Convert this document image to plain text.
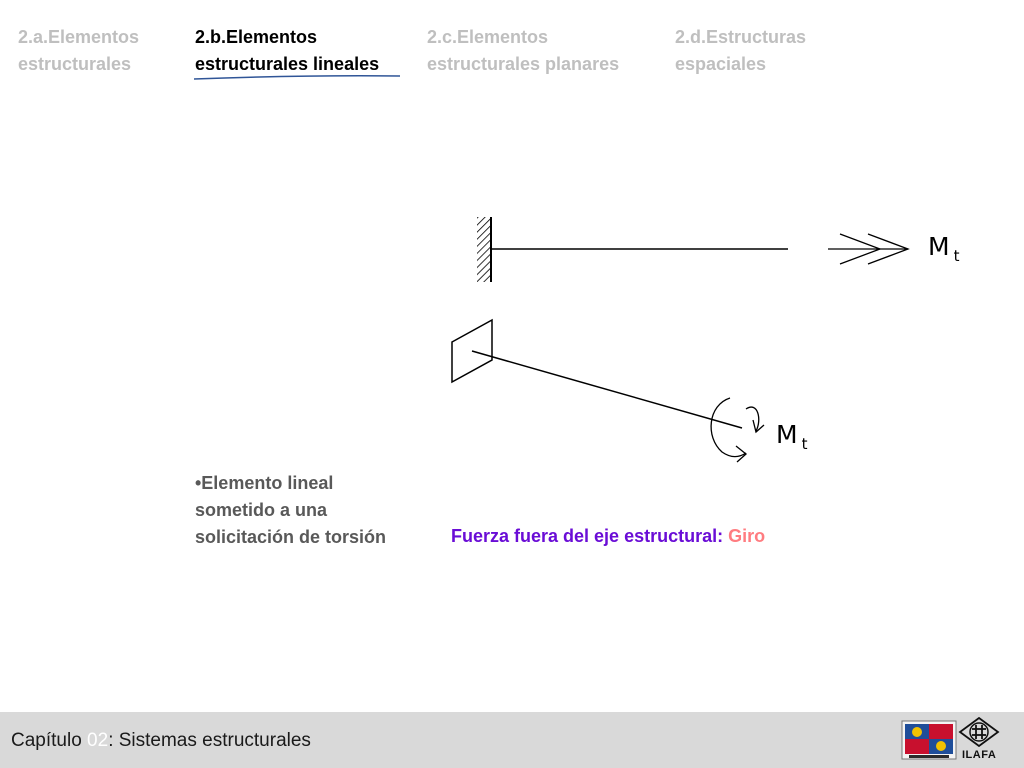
2.a.Elementos
estructurales
2.b.Elementos
estructurales lineales
2.c.Elementos
estructurales planares
2.d.Estructuras
espaciales
M $_t$
M $_t$
•Elemento lineal sometido a una solicitación de torsión	Fuerza fuera del eje estructural: Giro
Capítulo 02: Sistemas estructurales
ILAFA
